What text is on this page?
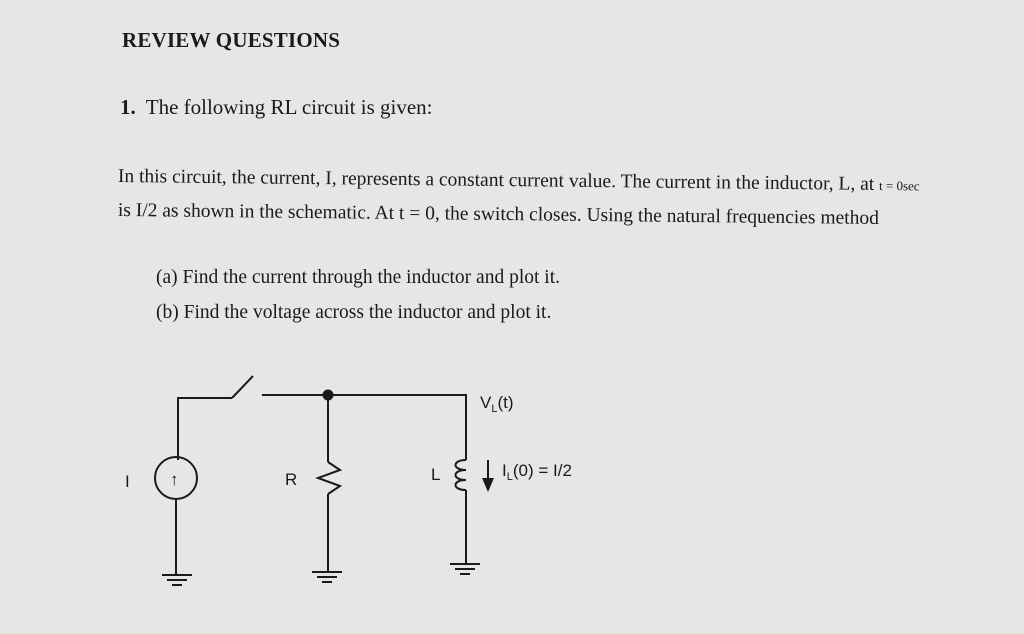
REVIEW QUESTIONS
1. The following RL circuit is given:
In this circuit, the current, I, represents a constant current value. The current in the inductor, L, at t = 0sec
is I/2 as shown in the schematic. At t = 0, the switch closes. Using the natural frequencies method
(a) Find the current through the inductor and plot it.
(b) Find the voltage across the inductor and plot it.
I ↑	R	L
$V_L(t)$
$I_L(0) = I/2$
